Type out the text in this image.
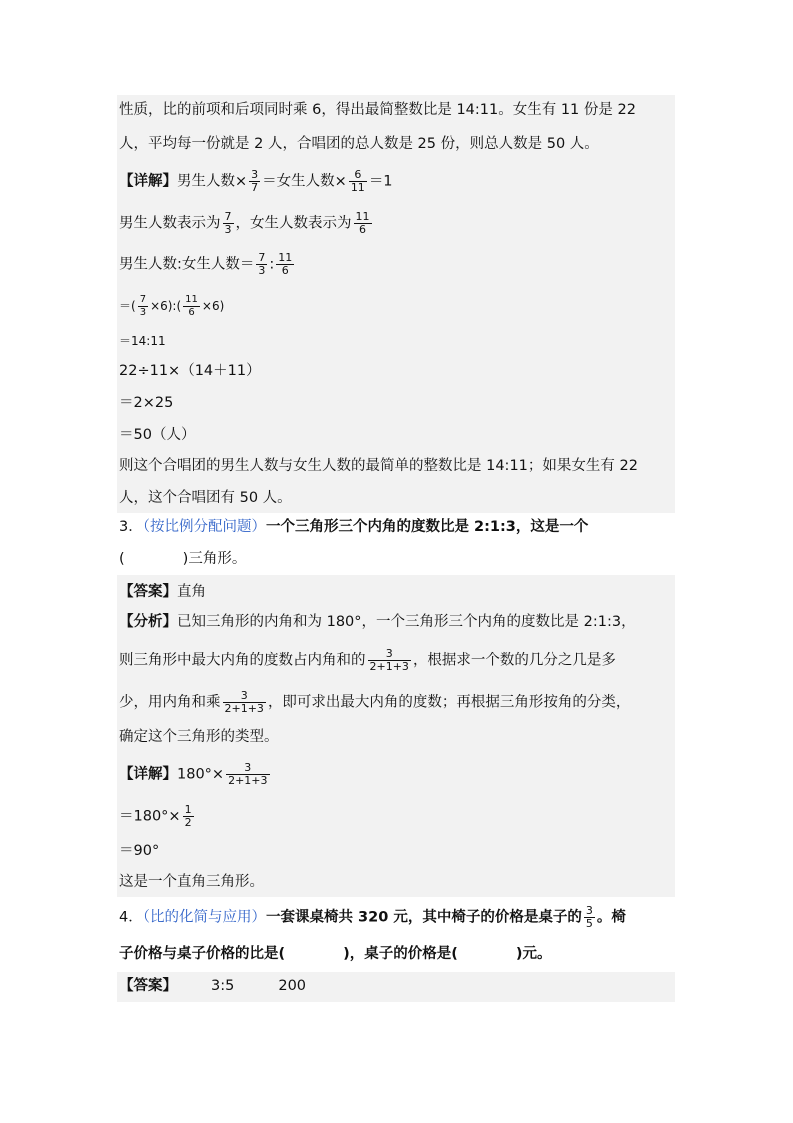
性质，比的前项和后项同时乘 6，得出最简整数比是 14:11。女生有 11 份是 22
人，平均每一份就是 2 人，合唱团的总人数是 25 份，则总人数是 50 人。
【详解】男生人数× $\frac{3}{7}$ ＝女生人数× $\frac{6}{11} =1$
男生人数表示为 $\frac{7}{3}$ ，女生人数表示为 $\frac{11}{6}$
男生人数:女生人数＝ $\frac{7}{3}$ : $\frac{11}{6}$
＝( $\frac{7}{3}$ ×6):( $\frac{11}{6} \times 6$)
＝14:11
22÷11×（14＋11）
＝2×25
＝50（人）
则这个合唱团的男生人数与女生人数的最简单的整数比是 14:11；如果女生有 22
人，这个合唱团有 50 人。
3．（按比例分配问题）一个三角形三个内角的度数比是 2:1:3，这是一个
(	)三角形。
【答案】直角
【分析】已知三角形的内角和为 180°，一个三角形三个内角的度数比是 2:1:3，
则三角形中最大内角的度数占内角和的 $\frac{3}{2+1+3}$ ，根据求一个数的几分之几是多
少，用内角和乘 $\frac{3}{2+1+3}$ ，即可求出最大内角的度数；再根据三角形按角的分类，
确定这个三角形的类型。
【详解】$180^\circ\times \frac{3}{2+1+3}$
$=180^\circ\times \frac{1}{2}$
＝90°
这是一个直角三角形。
4．（比的化简与应用）一套课桌椅共 320 元，其中椅子的价格是桌子的 $\frac{3}{5}$ 。椅
子价格与桌子价格的比是(	)，桌子的价格是(	)元。
【答案】 3:5	200
